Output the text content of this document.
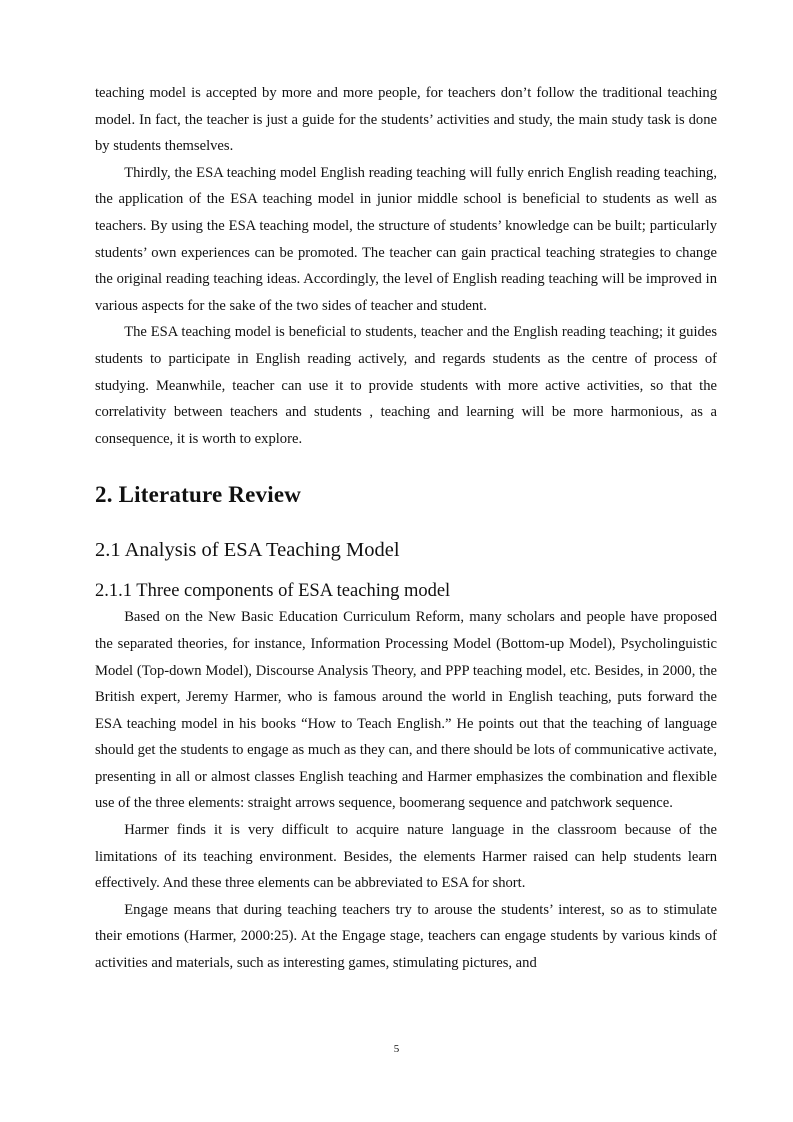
teaching model is accepted by more and more people, for teachers don’t follow the traditional teaching model. In fact, the teacher is just a guide for the students’ activities and study, the main study task is done by students themselves.

Thirdly, the ESA teaching model English reading teaching will fully enrich English reading teaching, the application of the ESA teaching model in junior middle school is beneficial to students as well as teachers. By using the ESA teaching model, the structure of students’ knowledge can be built; particularly students’ own experiences can be promoted. The teacher can gain practical teaching strategies to change the original reading teaching ideas. Accordingly, the level of English reading teaching will be improved in various aspects for the sake of the two sides of teacher and student.

The ESA teaching model is beneficial to students, teacher and the English reading teaching; it guides students to participate in English reading actively, and regards students as the centre of process of studying. Meanwhile, teacher can use it to provide students with more active activities, so that the correlativity between teachers and students , teaching and learning will be more harmonious, as a consequence, it is worth to explore.

2. Literature Review
2.1 Analysis of ESA Teaching Model
2.1.1 Three components of ESA teaching model

Based on the New Basic Education Curriculum Reform, many scholars and people have proposed the separated theories, for instance, Information Processing Model (Bottom-up Model), Psycholinguistic Model (Top-down Model), Discourse Analysis Theory, and PPP teaching model, etc. Besides, in 2000, the British expert, Jeremy Harmer, who is famous around the world in English teaching, puts forward the ESA teaching model in his books “How to Teach English.” He points out that the teaching of language should get the students to engage as much as they can, and there should be lots of communicative activate, presenting in all or almost classes English teaching and Harmer emphasizes the combination and flexible use of the three elements: straight arrows sequence, boomerang sequence and patchwork sequence.

Harmer finds it is very difficult to acquire nature language in the classroom because of the limitations of its teaching environment. Besides, the elements Harmer raised can help students learn effectively. And these three elements can be abbreviated to ESA for short.

Engage means that during teaching teachers try to arouse the students’ interest, so as to stimulate their emotions (Harmer, 2000:25). At the Engage stage, teachers can engage students by various kinds of activities and materials, such as interesting games, stimulating pictures, and

5
